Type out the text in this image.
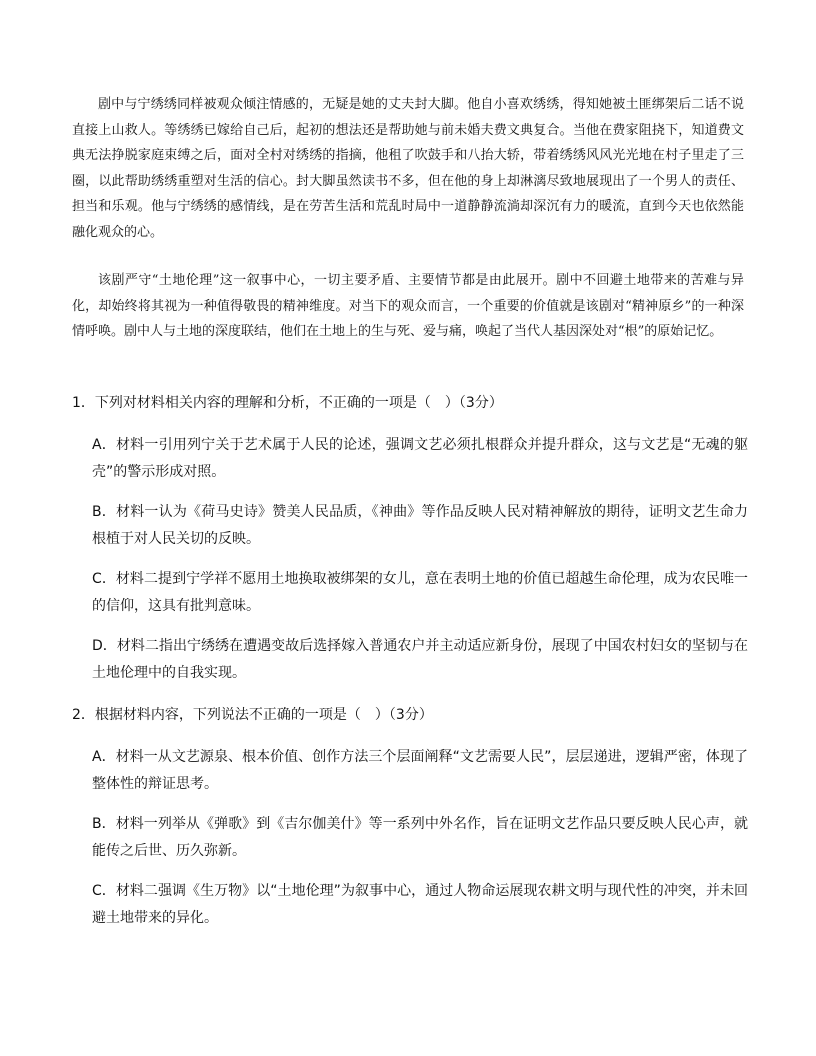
剧中与宁绣绣同样被观众倾注情感的，无疑是她的丈夫封大脚。他自小喜欢绣绣，得知她被土匪绑架后二话不说直接上山救人。等绣绣已嫁给自己后，起初的想法还是帮助她与前未婚夫费文典复合。当他在费家阻挠下，知道费文典无法挣脱家庭束缚之后，面对全村对绣绣的指摘，他租了吹鼓手和八抬大轿，带着绣绣风风光光地在村子里走了三圈，以此帮助绣绣重塑对生活的信心。封大脚虽然读书不多，但在他的身上却淋漓尽致地展现出了一个男人的责任、担当和乐观。他与宁绣绣的感情线，是在劳苦生活和荒乱时局中一道静静流淌却深沉有力的暖流，直到今天也依然能融化观众的心。

该剧严守“土地伦理”这一叙事中心，一切主要矛盾、主要情节都是由此展开。剧中不回避土地带来的苦难与异化，却始终将其视为一种值得敬畏的精神维度。对当下的观众而言，一个重要的价值就是该剧对“精神原乡”的一种深情呼唤。剧中人与土地的深度联结，他们在土地上的生与死、爱与痛，唤起了当代人基因深处对“根”的原始记忆。

1．下列对材料相关内容的理解和分析，不正确的一项是（　）（3分）

A．材料一引用列宁关于艺术属于人民的论述，强调文艺必须扎根群众并提升群众，这与文艺是“无魂的躯壳”的警示形成对照。

B．材料一认为《荷马史诗》赞美人民品质，《神曲》等作品反映人民对精神解放的期待，证明文艺生命力根植于对人民关切的反映。

C．材料二提到宁学祥不愿用土地换取被绑架的女儿，意在表明土地的价值已超越生命伦理，成为农民唯一的信仰，这具有批判意味。

D．材料二指出宁绣绣在遭遇变故后选择嫁入普通农户并主动适应新身份，展现了中国农村妇女的坚韧与在土地伦理中的自我实现。

2．根据材料内容，下列说法不正确的一项是（　）（3分）

A．材料一从文艺源泉、根本价值、创作方法三个层面阐释“文艺需要人民”，层层递进，逻辑严密，体现了整体性的辩证思考。

B．材料一列举从《弹歌》到《吉尔伽美什》等一系列中外名作，旨在证明文艺作品只要反映人民心声，就能传之后世、历久弥新。

C．材料二强调《生万物》以“土地伦理”为叙事中心，通过人物命运展现农耕文明与现代性的冲突，并未回避土地带来的异化。
